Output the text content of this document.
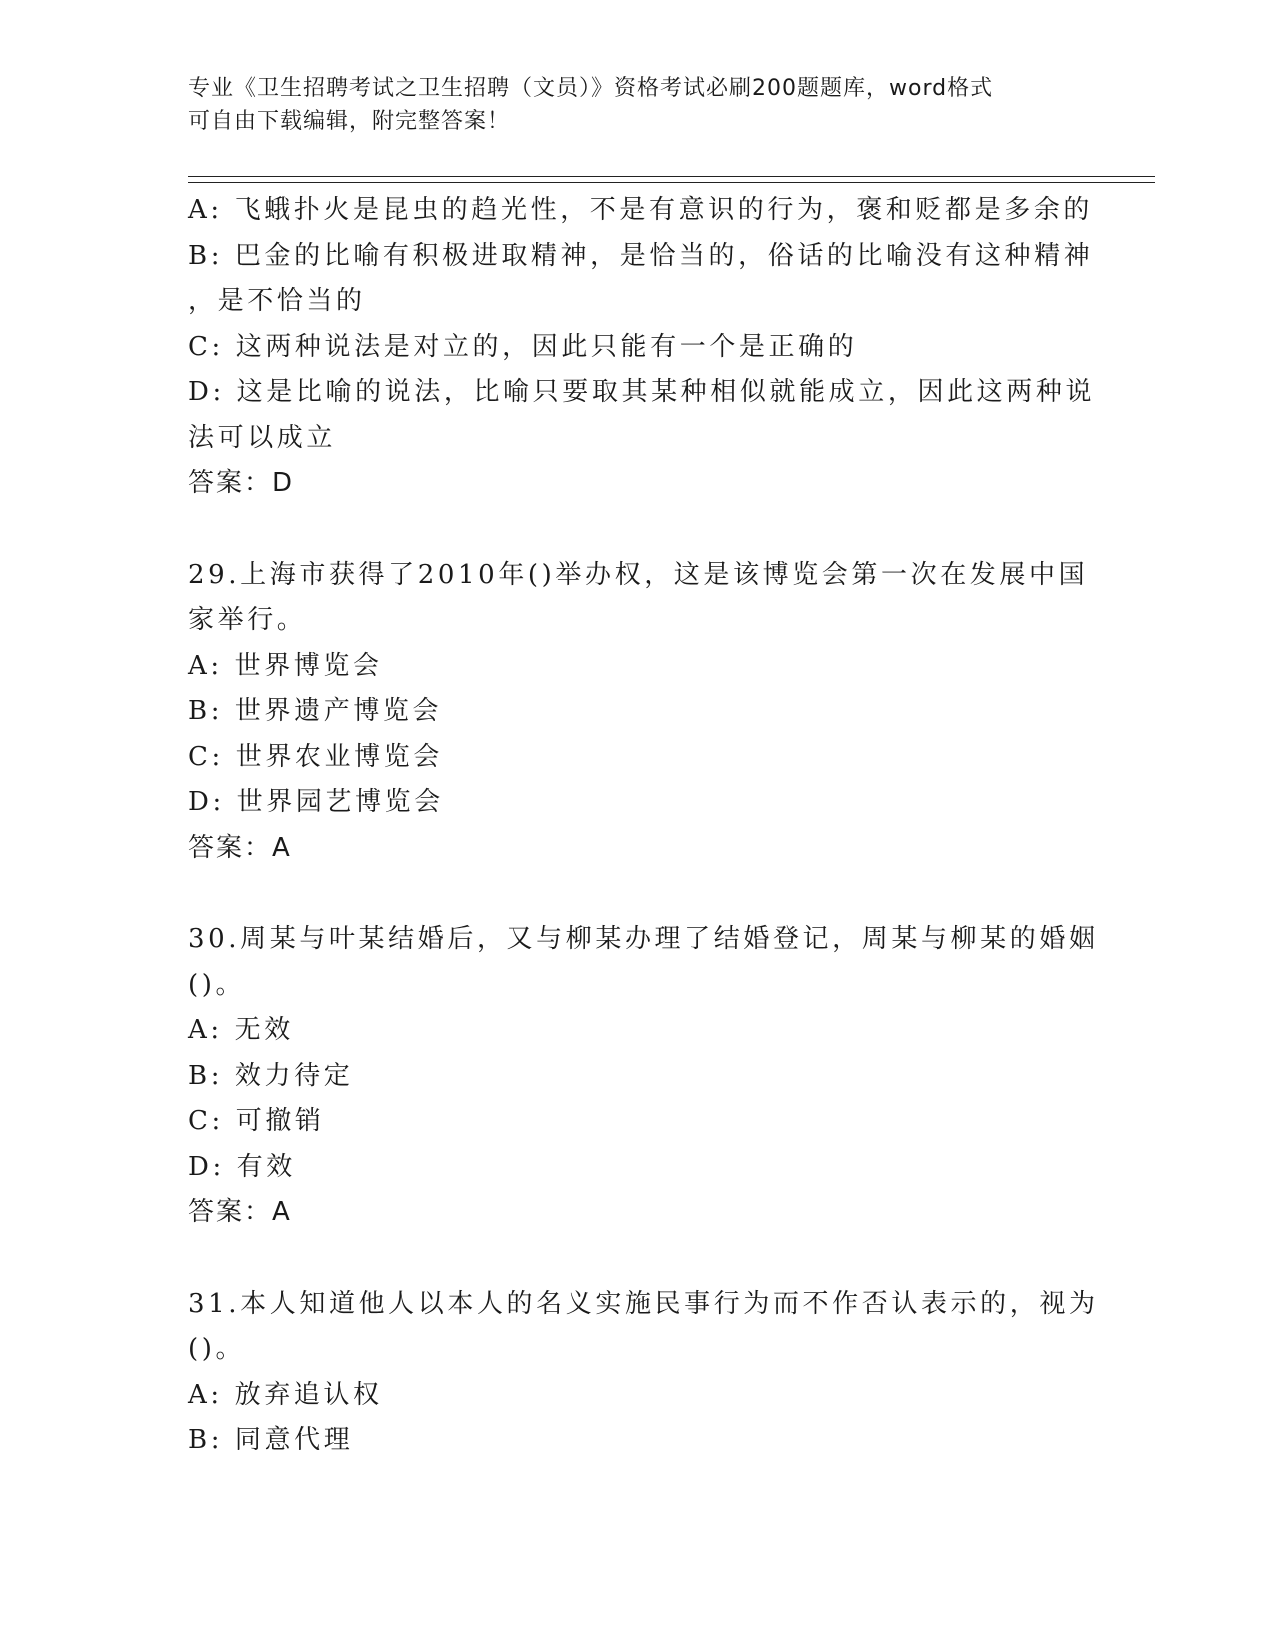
专业《卫生招聘考试之卫生招聘（文员）》资格考试必刷200题题库，word格式
可自由下载编辑，附完整答案！
A: 飞蛾扑火是昆虫的趋光性，不是有意识的行为，褒和贬都是多余的
B: 巴金的比喻有积极进取精神，是恰当的，俗话的比喻没有这种精神
，是不恰当的
C: 这两种说法是对立的，因此只能有一个是正确的
D: 这是比喻的说法，比喻只要取其某种相似就能成立，因此这两种说
法可以成立
答案：D
29.上海市获得了2010年()举办权，这是该博览会第一次在发展中国
家举行。
A: 世界博览会
B: 世界遗产博览会
C: 世界农业博览会
D: 世界园艺博览会
答案：A
30.周某与叶某结婚后，又与柳某办理了结婚登记，周某与柳某的婚姻
()。
A: 无效
B: 效力待定
C: 可撤销
D: 有效
答案：A
31.本人知道他人以本人的名义实施民事行为而不作否认表示的，视为
()。
A: 放弃追认权
B: 同意代理
